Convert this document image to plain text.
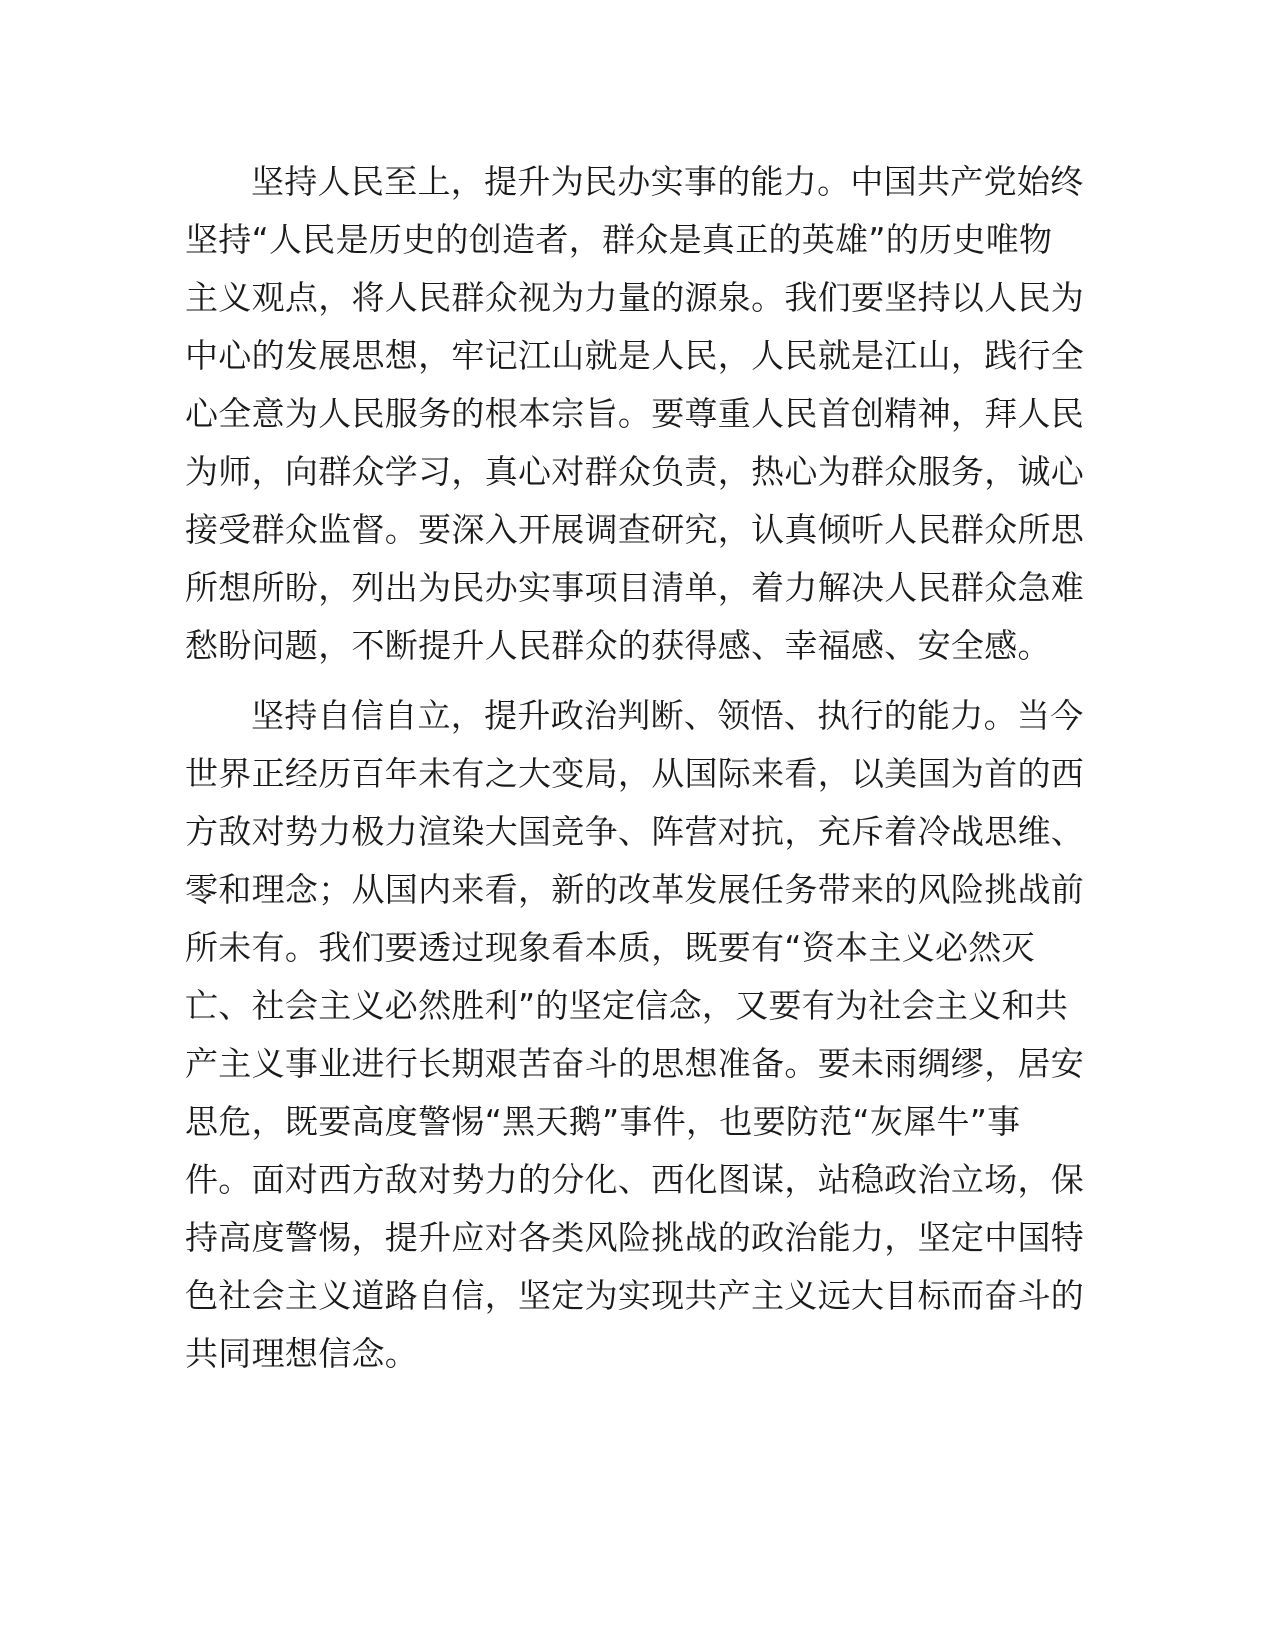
坚持人民至上，提升为民办实事的能力。中国共产党始终
坚持“人民是历史的创造者，群众是真正的英雄”的历史唯物
主义观点，将人民群众视为力量的源泉。我们要坚持以人民为
中心的发展思想，牢记江山就是人民，人民就是江山，践行全
心全意为人民服务的根本宗旨。要尊重人民首创精神，拜人民
为师，向群众学习，真心对群众负责，热心为群众服务，诚心
接受群众监督。要深入开展调查研究，认真倾听人民群众所思
所想所盼，列出为民办实事项目清单，着力解决人民群众急难
愁盼问题，不断提升人民群众的获得感、幸福感、安全感。

坚持自信自立，提升政治判断、领悟、执行的能力。当今
世界正经历百年未有之大变局，从国际来看，以美国为首的西
方敌对势力极力渲染大国竞争、阵营对抗，充斥着冷战思维、
零和理念；从国内来看，新的改革发展任务带来的风险挑战前
所未有。我们要透过现象看本质，既要有“资本主义必然灭
亡、社会主义必然胜利”的坚定信念，又要有为社会主义和共
产主义事业进行长期艰苦奋斗的思想准备。要未雨绸缪，居安
思危，既要高度警惕“黑天鹅”事件，也要防范“灰犀牛”事
件。面对西方敌对势力的分化、西化图谋，站稳政治立场，保
持高度警惕，提升应对各类风险挑战的政治能力，坚定中国特
色社会主义道路自信，坚定为实现共产主义远大目标而奋斗的
共同理想信念。
